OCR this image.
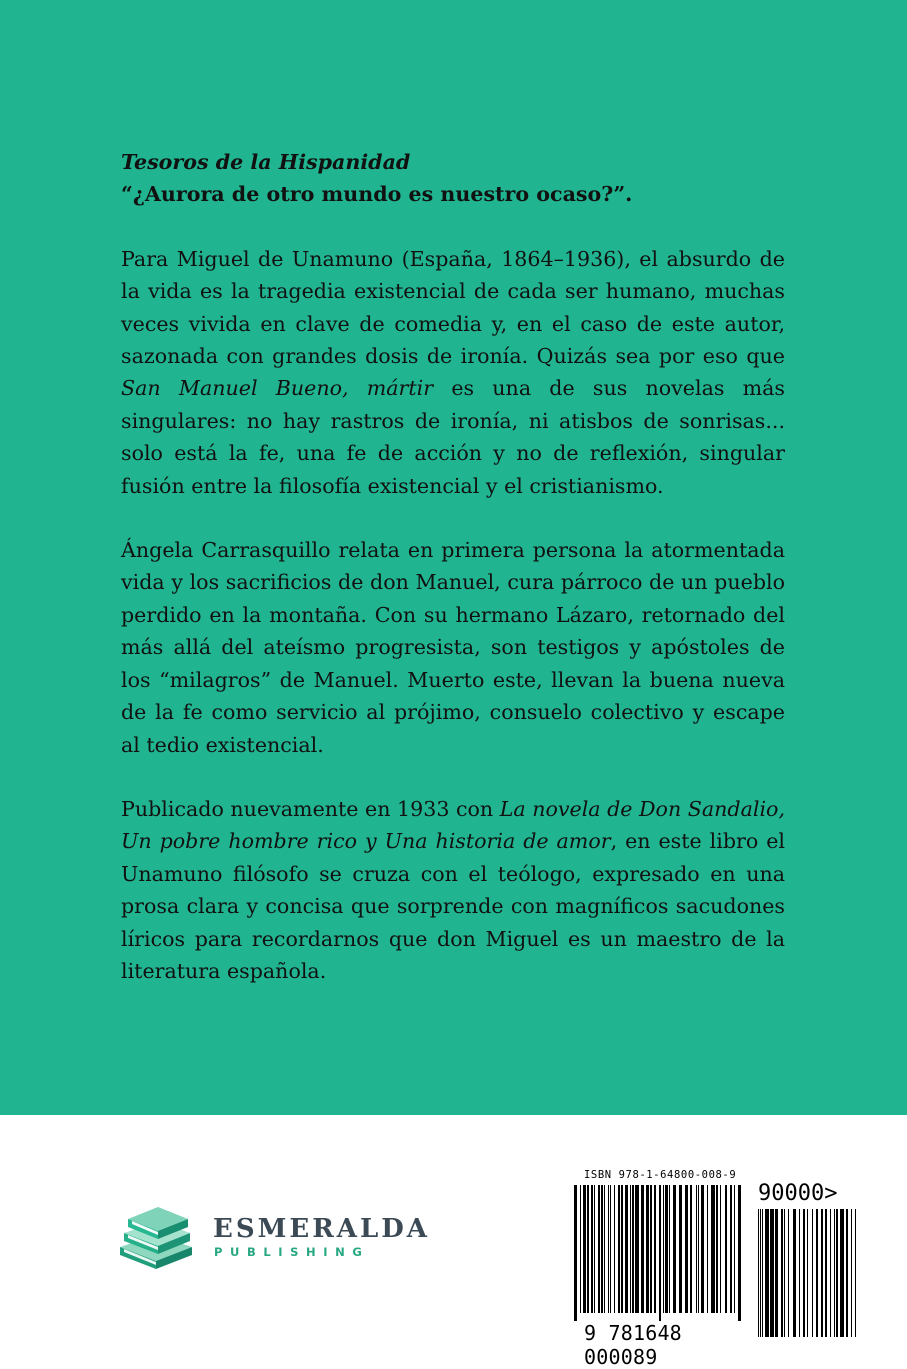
Tesoros de la Hispanidad
“¿Aurora de otro mundo es nuestro ocaso?”.

Para Miguel de Unamuno (España, 1864–1936), el absurdo de la vida es la tragedia existencial de cada ser humano, muchas veces vivida en clave de comedia y, en el caso de este autor, sazonada con grandes dosis de ironía. Quizás sea por eso que San Manuel Bueno, mártir es una de sus novelas más singulares: no hay rastros de ironía, ni atisbos de sonrisas... solo está la fe, una fe de acción y no de reflexión, singular fusión entre la filosofía existencial y el cristianismo.

Ángela Carrasquillo relata en primera persona la atormentada vida y los sacrificios de don Manuel, cura párroco de un pueblo perdido en la montaña. Con su hermano Lázaro, retornado del más allá del ateísmo progresista, son testigos y apóstoles de los “milagros” de Manuel. Muerto este, llevan la buena nueva de la fe como servicio al prójimo, consuelo colectivo y escape al tedio existencial.

Publicado nuevamente en 1933 con La novela de Don Sandalio, Un pobre hombre rico y Una historia de amor, en este libro el Unamuno filósofo se cruza con el teólogo, expresado en una prosa clara y concisa que sorprende con magníficos sacudones líricos para recordarnos que don Miguel es un maestro de la literatura española.

ESMERALDA
PUBLISHING
ISBN 978-1-64800-008-9
90000>
9 781648 000089
